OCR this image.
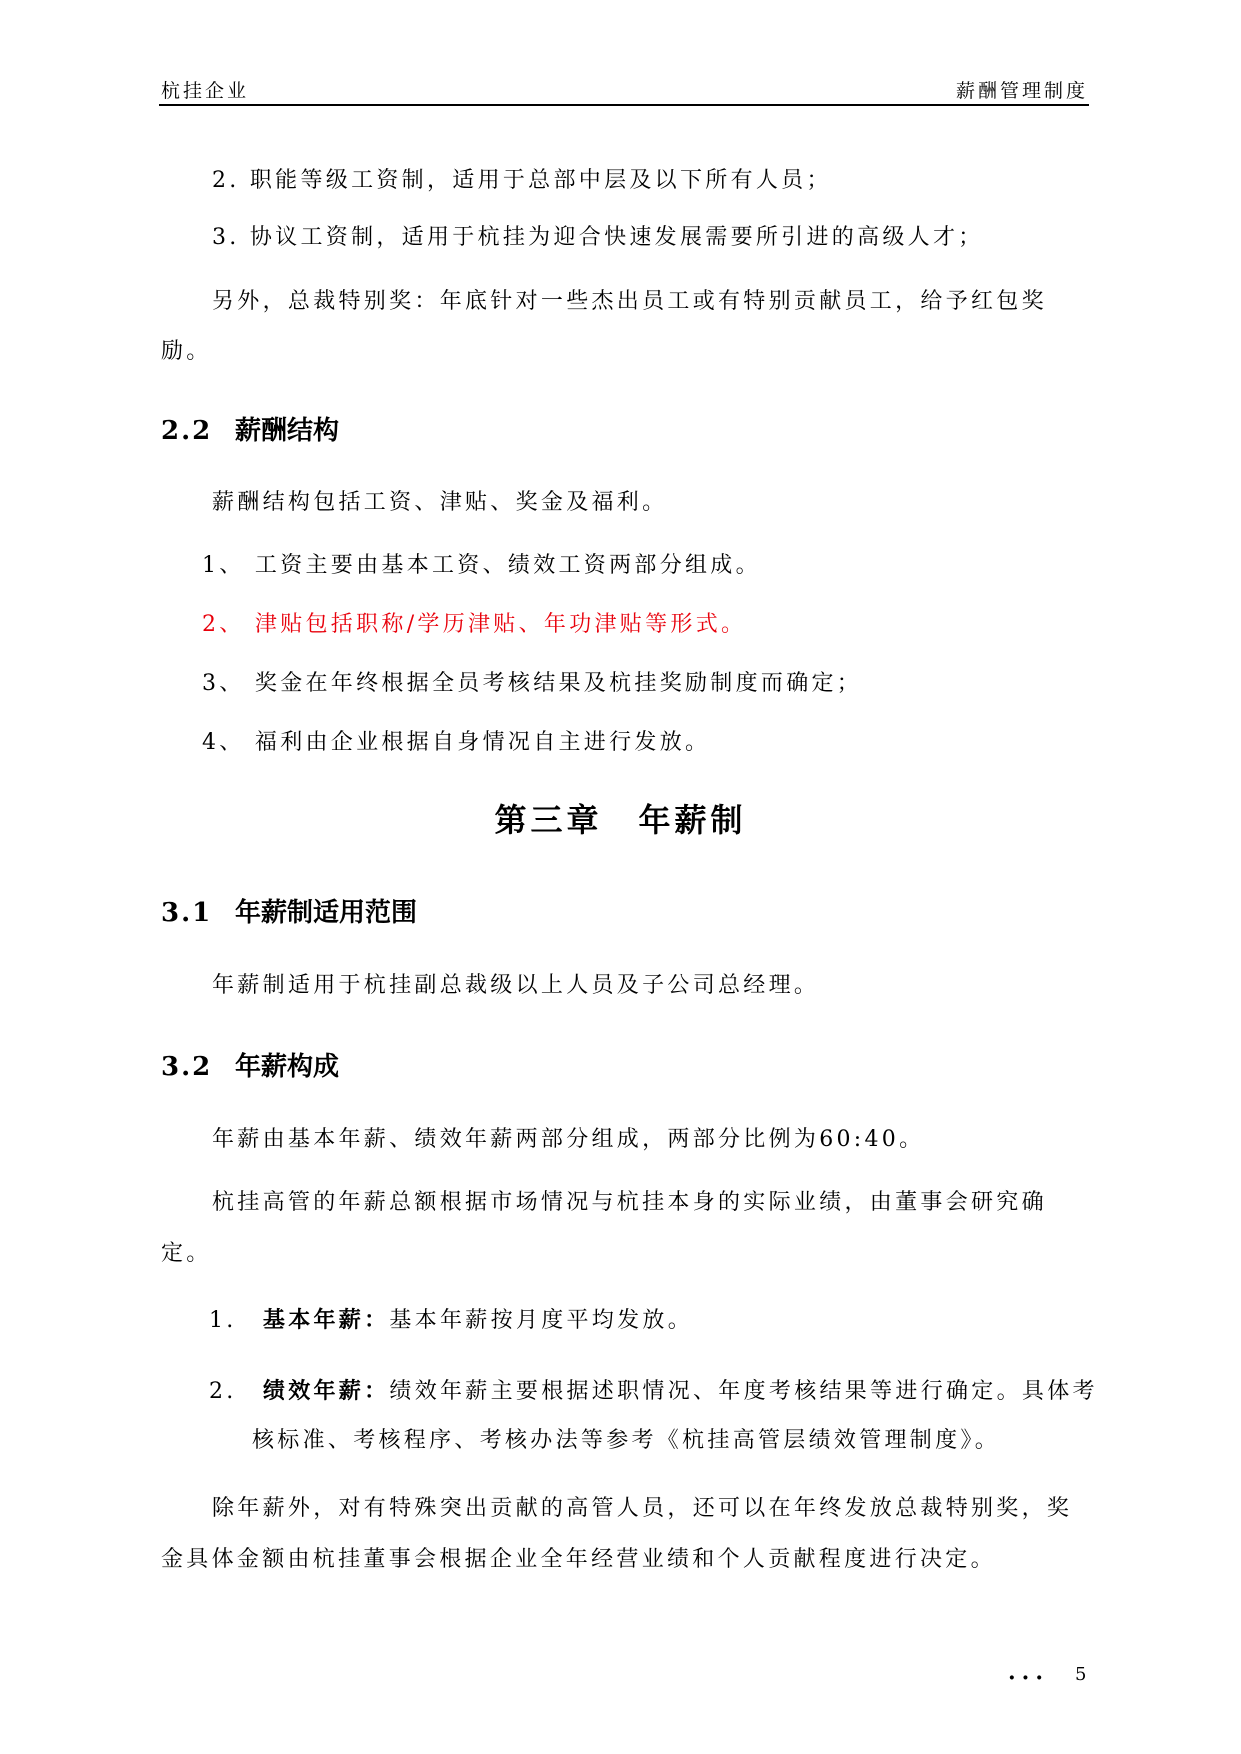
杭挂企业	薪酬管理制度
2. 职能等级工资制，适用于总部中层及以下所有人员；
3. 协议工资制，适用于杭挂为迎合快速发展需要所引进的高级人才；
另外，总裁特别奖：年底针对一些杰出员工或有特别贡献员工，给予红包奖
励。
2.2 薪酬结构
薪酬结构包括工资、津贴、奖金及福利。
1、 工资主要由基本工资、绩效工资两部分组成。
2、 津贴包括职称/学历津贴、年功津贴等形式。
3、 奖金在年终根据全员考核结果及杭挂奖励制度而确定；
4、 福利由企业根据自身情况自主进行发放。
第三章 年薪制
3.1 年薪制适用范围
年薪制适用于杭挂副总裁级以上人员及子公司总经理。
3.2 年薪构成
年薪由基本年薪、绩效年薪两部分组成，两部分比例为60:40。
杭挂高管的年薪总额根据市场情况与杭挂本身的实际业绩，由董事会研究确
定。
1. 基本年薪：基本年薪按月度平均发放。
2. 绩效年薪：绩效年薪主要根据述职情况、年度考核结果等进行确定。具体考
核标准、考核程序、考核办法等参考《杭挂高管层绩效管理制度》。
除年薪外，对有特殊突出贡献的高管人员，还可以在年终发放总裁特别奖，奖
金具体金额由杭挂董事会根据企业全年经营业绩和个人贡献程度进行决定。
··· 5
